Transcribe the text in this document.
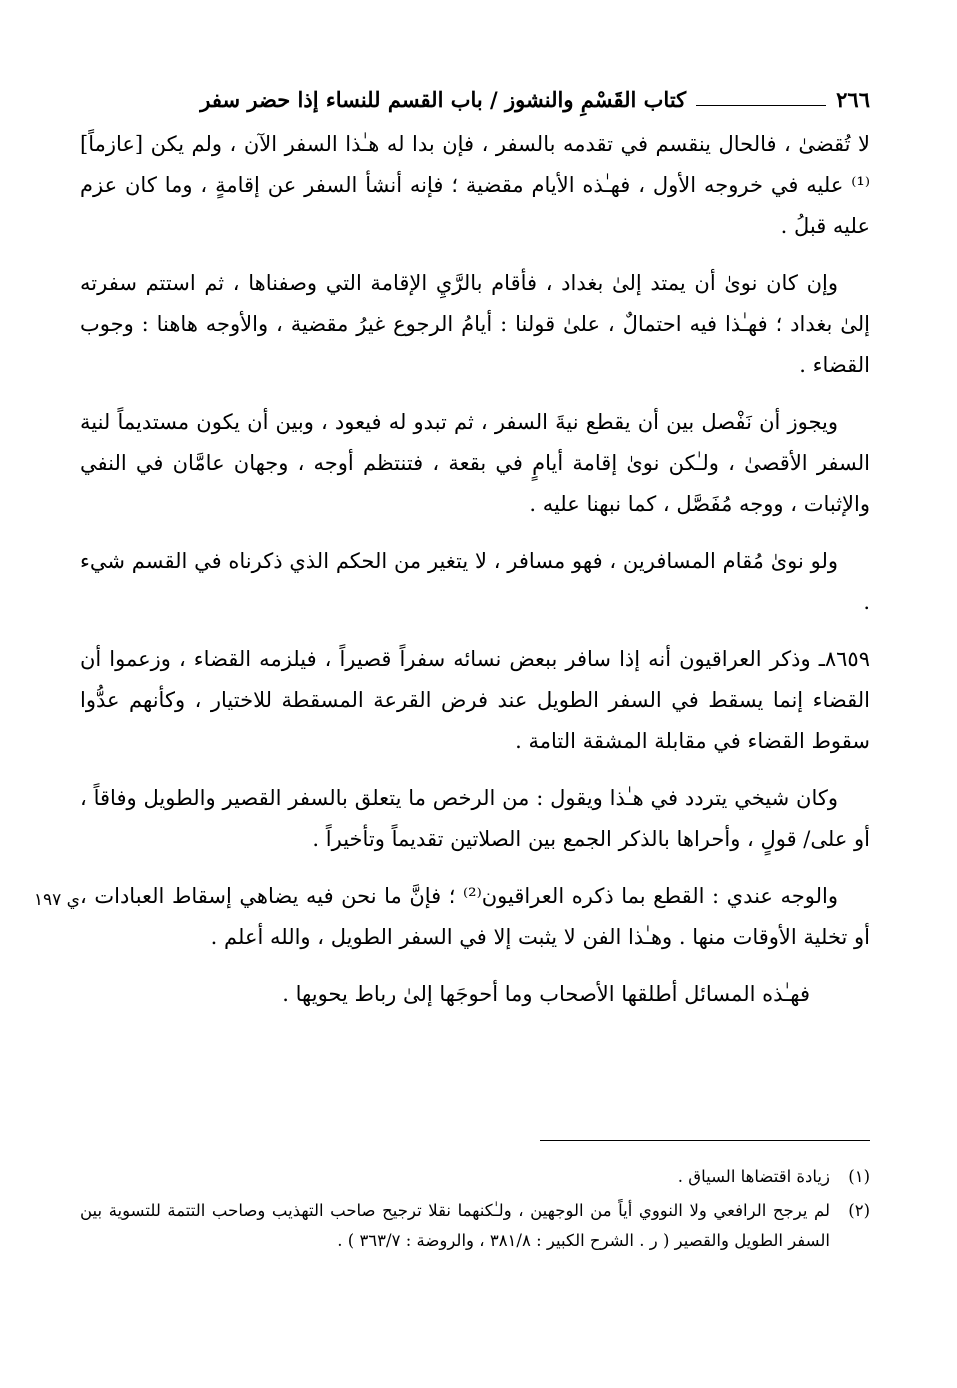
٢٦٦
كتاب القَسْمِ والنشوز / باب القسم للنساء إذا حضر سفر

لا تُقضىٰ ، فالحال ينقسم في تقدمه بالسفر ، فإن بدا له هـٰذا السفر الآن ، ولم يكن [عازماً]⁽¹⁾ عليه في خروجه الأول ، فهـٰذه الأيام مقضية ؛ فإنه أنشأ السفر عن إقامةٍ ، وما كان عزم عليه قبلُ .

وإن كان نوىٰ أن يمتد إلىٰ بغداد ، فأقام بالرَّيِ الإقامة التي وصفناها ، ثم استتم سفرته إلىٰ بغداد ؛ فهـٰذا فيه احتمالٌ ، علىٰ قولنا : أيامُ الرجوع غيرُ مقضية ، والأوجه هاهنا : وجوب القضاء .

ويجوز أن نَفْصل بين أن يقطع نيةَ السفر ، ثم تبدو له فيعود ، وبين أن يكون مستديماً لنية السفر الأقصىٰ ، ولـٰكن نوىٰ إقامة أيامٍ في بقعة ، فتنتظم أوجه ، وجهان عامَّان في النفي والإثبات ، ووجه مُفَصَّل ، كما نبهنا عليه .

ولو نوىٰ مُقام المسافرين ، فهو مسافر ، لا يتغير من الحكم الذي ذكرناه في القسم شيء .

٨٦٥٩ـ وذكر العراقيون أنه إذا سافر ببعض نسائه سفراً قصيراً ، فيلزمه القضاء ، وزعموا أن القضاء إنما يسقط في السفر الطويل عند فرض القرعة المسقطة للاختيار ، وكأنهم عدُّوا سقوط القضاء في مقابلة المشقة التامة .

وكان شيخي يتردد في هـٰذا ويقول : من الرخص ما يتعلق بالسفر القصير والطويل وفاقاً ، أو على/ قولٍ ، وأحراها بالذكر الجمع بين الصلاتين تقديماً وتأخيراً .

والوجه عندي : القطع بما ذكره العراقيون⁽²⁾ ؛ فإنَّ ما نحن فيه يضاهي إسقاط العبادات ، أو تخلية الأوقات منها . وهـٰذا الفن لا يثبت إلا في السفر الطويل ، والله أعلم .

فهـٰذه المسائل أطلقها الأصحاب وما أحوجَها إلىٰ رباط يحويها .

ي ١٩٧
(١)
زيادة اقتضاها السياق .
(٢)
لم يرجح الرافعي ولا النووي أياً من الوجهين ، ولـٰكنهما نقلا ترجيح صاحب التهذيب وصاحب التتمة للتسوية بين السفر الطويل والقصير ( ر . الشرح الكبير : ٣٨١/٨ ، والروضة : ٣٦٣/٧ ) .
